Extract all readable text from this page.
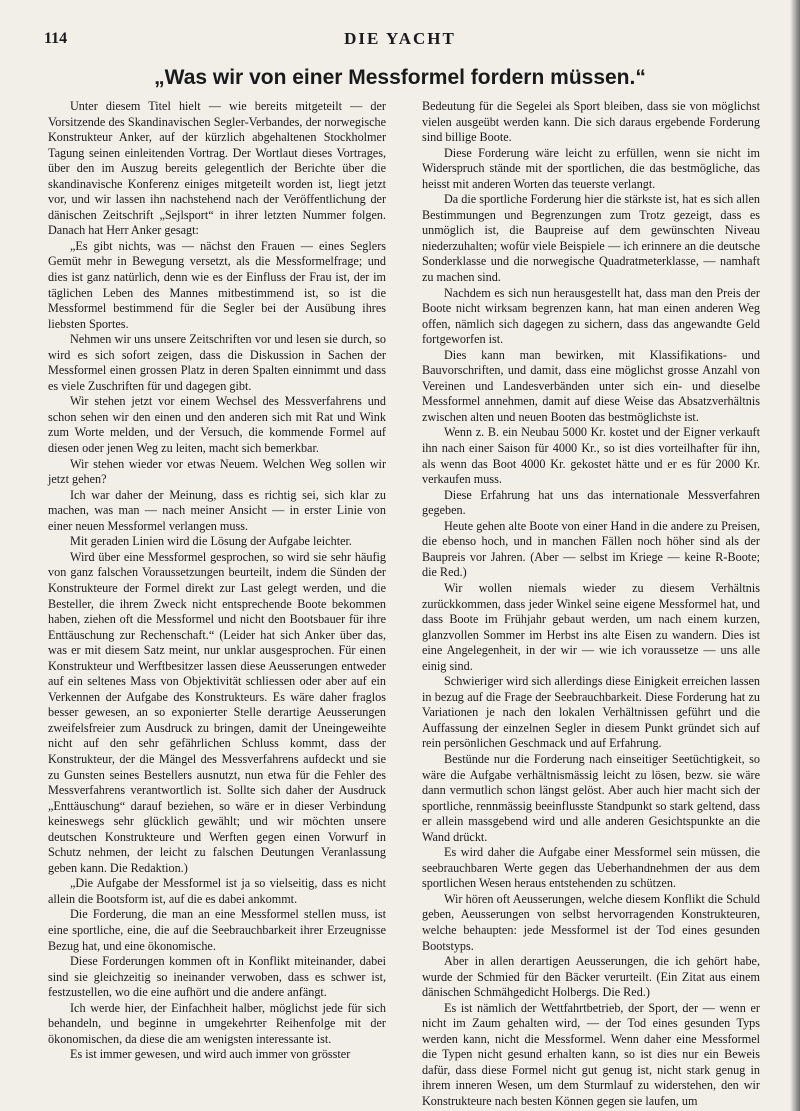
114	DIE YACHT
„Was wir von einer Messformel fordern müssen.“

Unter diesem Titel hielt — wie bereits mitgeteilt — der Vorsitzende des Skandinavischen Segler-Verbandes, der norwegische Konstrukteur Anker, auf der kürzlich abgehaltenen Stockholmer Tagung seinen einleitenden Vortrag. Der Wortlaut dieses Vortrages, über den im Auszug bereits gelegentlich der Berichte über die skandinavische Konferenz einiges mitgeteilt worden ist, liegt jetzt vor, und wir lassen ihn nachstehend nach der Veröffentlichung der dänischen Zeitschrift „Sejlsport“ in ihrer letzten Nummer folgen. Danach hat Herr Anker gesagt:

„Es gibt nichts, was — nächst den Frauen — eines Seglers Gemüt mehr in Bewegung versetzt, als die Messformelfrage; und dies ist ganz natürlich, denn wie es der Einfluss der Frau ist, der im täglichen Leben des Mannes mitbestimmend ist, so ist die Messformel bestimmend für die Segler bei der Ausübung ihres liebsten Sportes.

Nehmen wir uns unsere Zeitschriften vor und lesen sie durch, so wird es sich sofort zeigen, dass die Diskussion in Sachen der Messformel einen grossen Platz in deren Spalten einnimmt und dass es viele Zuschriften für und dagegen gibt.

Wir stehen jetzt vor einem Wechsel des Messverfahrens und schon sehen wir den einen und den anderen sich mit Rat und Wink zum Worte melden, und der Versuch, die kommende Formel auf diesen oder jenen Weg zu leiten, macht sich bemerkbar.

Wir stehen wieder vor etwas Neuem. Welchen Weg sollen wir jetzt gehen?

Ich war daher der Meinung, dass es richtig sei, sich klar zu machen, was man — nach meiner Ansicht — in erster Linie von einer neuen Messformel verlangen muss.

Mit geraden Linien wird die Lösung der Aufgabe leichter.

Wird über eine Messformel gesprochen, so wird sie sehr häufig von ganz falschen Voraussetzungen beurteilt, indem die Sünden der Konstrukteure der Formel direkt zur Last gelegt werden, und die Besteller, die ihrem Zweck nicht entsprechende Boote bekommen haben, ziehen oft die Messformel und nicht den Bootsbauer für ihre Enttäuschung zur Rechenschaft.“ (Leider hat sich Anker über das, was er mit diesem Satz meint, nur unklar ausgesprochen. Für einen Konstrukteur und Werftbesitzer lassen diese Aeusserungen entweder auf ein seltenes Mass von Objektivität schliessen oder aber auf ein Verkennen der Aufgabe des Konstrukteurs. Es wäre daher fraglos besser gewesen, an so exponierter Stelle derartige Aeusserungen zweifelsfreier zum Ausdruck zu bringen, damit der Uneingeweihte nicht auf den sehr gefährlichen Schluss kommt, dass der Konstrukteur, der die Mängel des Messverfahrens aufdeckt und sie zu Gunsten seines Bestellers ausnutzt, nun etwa für die Fehler des Messverfahrens verantwortlich ist. Sollte sich daher der Ausdruck „Enttäuschung“ darauf beziehen, so wäre er in dieser Verbindung keineswegs sehr glücklich gewählt; und wir möchten unsere deutschen Konstrukteure und Werften gegen einen Vorwurf in Schutz nehmen, der leicht zu falschen Deutungen Veranlassung geben kann. Die Redaktion.)

„Die Aufgabe der Messformel ist ja so vielseitig, dass es nicht allein die Bootsform ist, auf die es dabei ankommt.

Die Forderung, die man an eine Messformel stellen muss, ist eine sportliche, eine, die auf die Seebrauchbarkeit ihrer Erzeugnisse Bezug hat, und eine ökonomische.

Diese Forderungen kommen oft in Konflikt miteinander, dabei sind sie gleichzeitig so ineinander verwoben, dass es schwer ist, festzustellen, wo die eine aufhört und die andere anfängt.

Ich werde hier, der Einfachheit halber, möglichst jede für sich behandeln, und beginne in umgekehrter Reihenfolge mit der ökonomischen, da diese die am wenigsten interessante ist.

Es ist immer gewesen, und wird auch immer von grösster

Bedeutung für die Segelei als Sport bleiben, dass sie von möglichst vielen ausgeübt werden kann. Die sich daraus ergebende Forderung sind billige Boote.

Diese Forderung wäre leicht zu erfüllen, wenn sie nicht im Widerspruch stände mit der sportlichen, die das bestmögliche, das heisst mit anderen Worten das teuerste verlangt.

Da die sportliche Forderung hier die stärkste ist, hat es sich allen Bestimmungen und Begrenzungen zum Trotz gezeigt, dass es unmöglich ist, die Baupreise auf dem gewünschten Niveau niederzuhalten; wofür viele Beispiele — ich erinnere an die deutsche Sonderklasse und die norwegische Quadratmeterklasse, — namhaft zu machen sind.

Nachdem es sich nun herausgestellt hat, dass man den Preis der Boote nicht wirksam begrenzen kann, hat man einen anderen Weg offen, nämlich sich dagegen zu sichern, dass das angewandte Geld fortgeworfen ist.

Dies kann man bewirken, mit Klassifikations- und Bauvorschriften, und damit, dass eine möglichst grosse Anzahl von Vereinen und Landesverbänden unter sich ein- und dieselbe Messformel annehmen, damit auf diese Weise das Absatzverhältnis zwischen alten und neuen Booten das bestmöglichste ist.

Wenn z. B. ein Neubau 5000 Kr. kostet und der Eigner verkauft ihn nach einer Saison für 4000 Kr., so ist dies vorteilhafter für ihn, als wenn das Boot 4000 Kr. gekostet hätte und er es für 2000 Kr. verkaufen muss.

Diese Erfahrung hat uns das internationale Messverfahren gegeben.

Heute gehen alte Boote von einer Hand in die andere zu Preisen, die ebenso hoch, und in manchen Fällen noch höher sind als der Baupreis vor Jahren. (Aber — selbst im Kriege — keine R-Boote; die Red.)

Wir wollen niemals wieder zu diesem Verhältnis zurückkommen, dass jeder Winkel seine eigene Messformel hat, und dass Boote im Frühjahr gebaut werden, um nach einem kurzen, glanzvollen Sommer im Herbst ins alte Eisen zu wandern. Dies ist eine Angelegenheit, in der wir — wie ich voraussetze — uns alle einig sind.

Schwieriger wird sich allerdings diese Einigkeit erreichen lassen in bezug auf die Frage der Seebrauchbarkeit. Diese Forderung hat zu Variationen je nach den lokalen Verhältnissen geführt und die Auffassung der einzelnen Segler in diesem Punkt gründet sich auf rein persönlichen Geschmack und auf Erfahrung.

Bestünde nur die Forderung nach einseitiger Seetüchtigkeit, so wäre die Aufgabe verhältnismässig leicht zu lösen, bezw. sie wäre dann vermutlich schon längst gelöst. Aber auch hier macht sich der sportliche, rennmässig beeinflusste Standpunkt so stark geltend, dass er allein massgebend wird und alle anderen Gesichtspunkte an die Wand drückt.

Es wird daher die Aufgabe einer Messformel sein müssen, die seebrauchbaren Werte gegen das Ueberhandnehmen der aus dem sportlichen Wesen heraus entstehenden zu schützen.

Wir hören oft Aeusserungen, welche diesem Konflikt die Schuld geben, Aeusserungen von selbst hervorragenden Konstrukteuren, welche behaupten: jede Messformel ist der Tod eines gesunden Bootstyps.

Aber in allen derartigen Aeusserungen, die ich gehört habe, wurde der Schmied für den Bäcker verurteilt. (Ein Zitat aus einem dänischen Schmähgedicht Holbergs. Die Red.)

Es ist nämlich der Wettfahrtbetrieb, der Sport, der — wenn er nicht im Zaum gehalten wird, — der Tod eines gesunden Typs werden kann, nicht die Messformel. Wenn daher eine Messformel die Typen nicht gesund erhalten kann, so ist dies nur ein Beweis dafür, dass diese Formel nicht gut genug ist, nicht stark genug in ihrem inneren Wesen, um dem Sturmlauf zu widerstehen, den wir Konstrukteure nach besten Können gegen sie laufen, um
